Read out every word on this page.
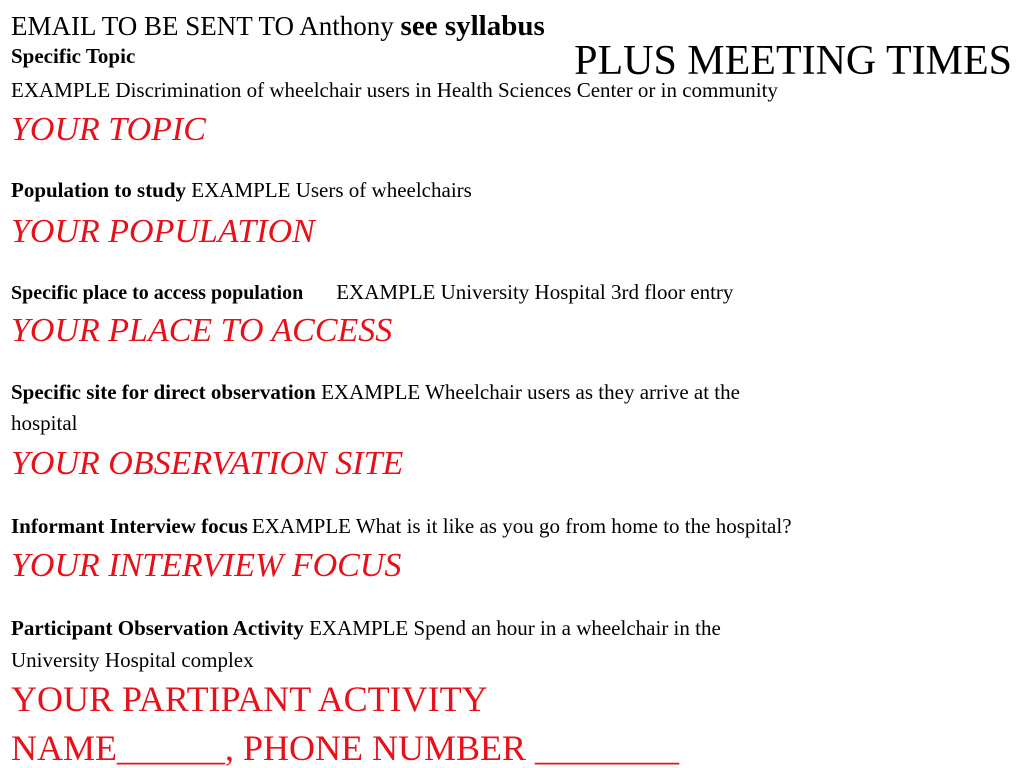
EMAIL TO BE SENT TO Anthony see syllabus
PLUS MEETING TIMES
Specific Topic
EXAMPLE Discrimination of wheelchair users in Health Sciences Center or in community
YOUR TOPIC
Population to study EXAMPLE Users of wheelchairs
YOUR POPULATION
Specific place to access population EXAMPLE University Hospital 3rd floor entry
YOUR PLACE TO ACCESS
Specific site for direct observation EXAMPLE Wheelchair users as they arrive at the
hospital
YOUR OBSERVATION SITE
Informant Interview focus EXAMPLE What is it like as you go from home to the hospital?
YOUR INTERVIEW FOCUS
Participant Observation Activity EXAMPLE Spend an hour in a wheelchair in the
University Hospital complex
YOUR PARTIPANT ACTIVITY
NAME______, PHONE NUMBER ________
